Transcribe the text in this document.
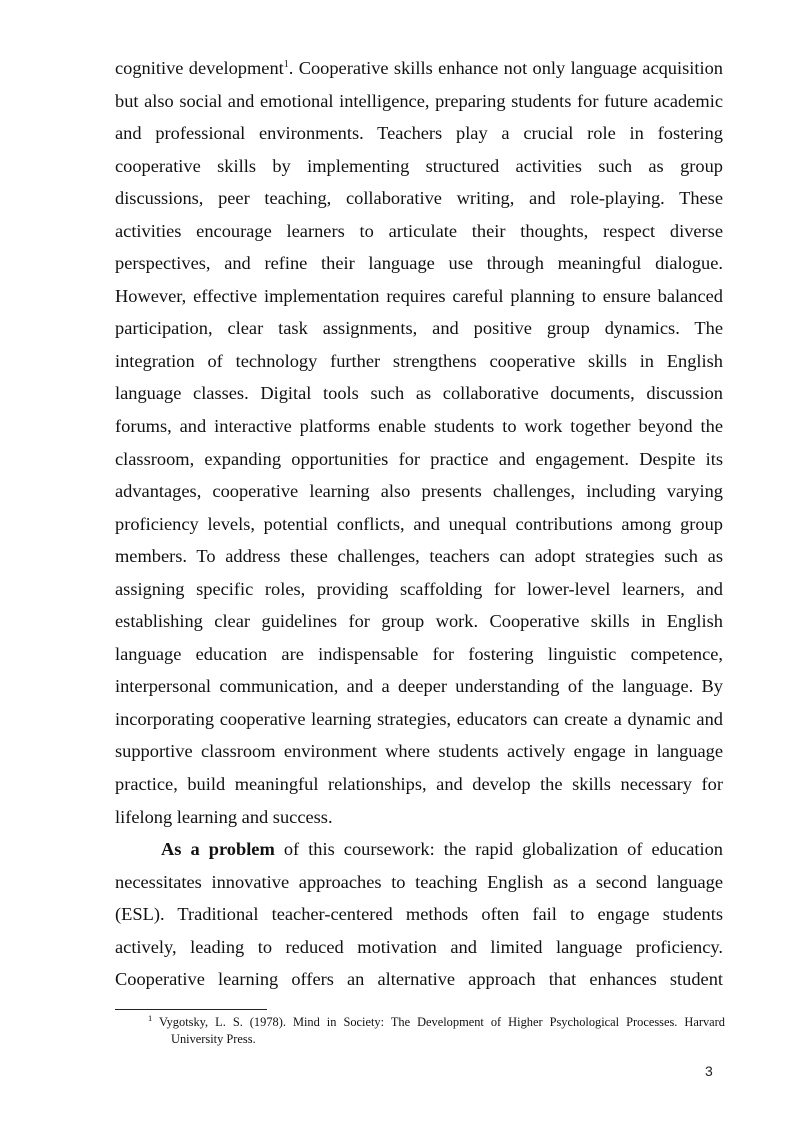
cognitive development$^1$. Cooperative skills enhance not only language acquisition
but also social and emotional intelligence, preparing students for future academic
and professional environments. Teachers play a crucial role in fostering
cooperative skills by implementing structured activities such as group
discussions, peer teaching, collaborative writing, and role-playing. These
activities encourage learners to articulate their thoughts, respect diverse
perspectives, and refine their language use through meaningful dialogue.
However, effective implementation requires careful planning to ensure balanced
participation, clear task assignments, and positive group dynamics. The
integration of technology further strengthens cooperative skills in English
language classes. Digital tools such as collaborative documents, discussion
forums, and interactive platforms enable students to work together beyond the
classroom, expanding opportunities for practice and engagement. Despite its
advantages, cooperative learning also presents challenges, including varying
proficiency levels, potential conflicts, and unequal contributions among group
members. To address these challenges, teachers can adopt strategies such as
assigning specific roles, providing scaffolding for lower-level learners, and
establishing clear guidelines for group work. Cooperative skills in English
language education are indispensable for fostering linguistic competence,
interpersonal communication, and a deeper understanding of the language. By
incorporating cooperative learning strategies, educators can create a dynamic and
supportive classroom environment where students actively engage in language
practice, build meaningful relationships, and develop the skills necessary for
lifelong learning and success.
As a problem of this coursework: the rapid globalization of education
necessitates innovative approaches to teaching English as a second language
(ESL). Traditional teacher-centered methods often fail to engage students
actively, leading to reduced motivation and limited language proficiency.
Cooperative learning offers an alternative approach that enhances student
$^1$ Vygotsky, L. S. (1978). Mind in Society: The Development of Higher Psychological Processes. Harvard
University Press.
3
